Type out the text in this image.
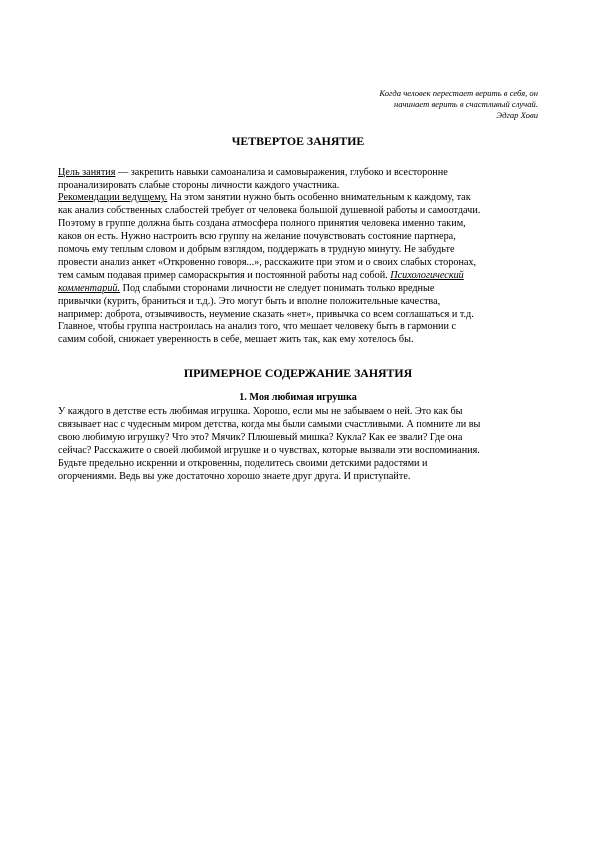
Когда человек перестает верить в себя, он
начинает верить в счастливый случай.
Эдгар Хови
ЧЕТВЕРТОЕ ЗАНЯТИЕ
Цель занятия — закрепить навыки самоанализа и самовыражения, глубоко и всесторонне
проанализировать слабые стороны личности каждого участника.
Рекомендации ведущему. На этом занятии нужно быть особенно внимательным к каждому, так
как анализ собственных слабостей требует от человека большой душевной работы и самоотдачи.
Поэтому в группе должна быть создана атмосфера полного принятия человека именно таким,
каков он есть. Нужно настроить всю группу на желание почувствовать состояние партнера,
помочь ему теплым словом и добрым взглядом, поддержать в трудную минуту. Не забудьте
провести анализ анкет «Откровенно говоря...», расскажите при этом и о своих слабых сторонах,
тем самым подавая пример самораскрытия и постоянной работы над собой. Психологический
комментарий. Под слабыми сторонами личности не следует понимать только вредные
привычки (курить, браниться и т.д.). Это могут быть и вполне положительные качества,
например: доброта, отзывчивость, неумение сказать «нет», привычка со всем соглашаться и т.д.
Главное, чтобы группа настроилась на анализ того, что мешает человеку быть в гармонии с
самим собой, снижает уверенность в себе, мешает жить так, как ему хотелось бы.
ПРИМЕРНОЕ СОДЕРЖАНИЕ ЗАНЯТИЯ
1. Моя любимая игрушка
У каждого в детстве есть любимая игрушка. Хорошо, если мы не забываем о ней. Это как бы
связывает нас с чудесным миром детства, когда мы были самыми счастливыми. А помните ли вы
свою любимую игрушку? Что это? Мячик? Плюшевый мишка? Кукла? Как ее звали? Где она
сейчас? Расскажите о своей любимой игрушке и о чувствах, которые вызвали эти воспоминания.
Будьте предельно искренни и откровенны, поделитесь своими детскими радостями и
огорчениями. Ведь вы уже достаточно хорошо знаете друг друга. И приступайте.
